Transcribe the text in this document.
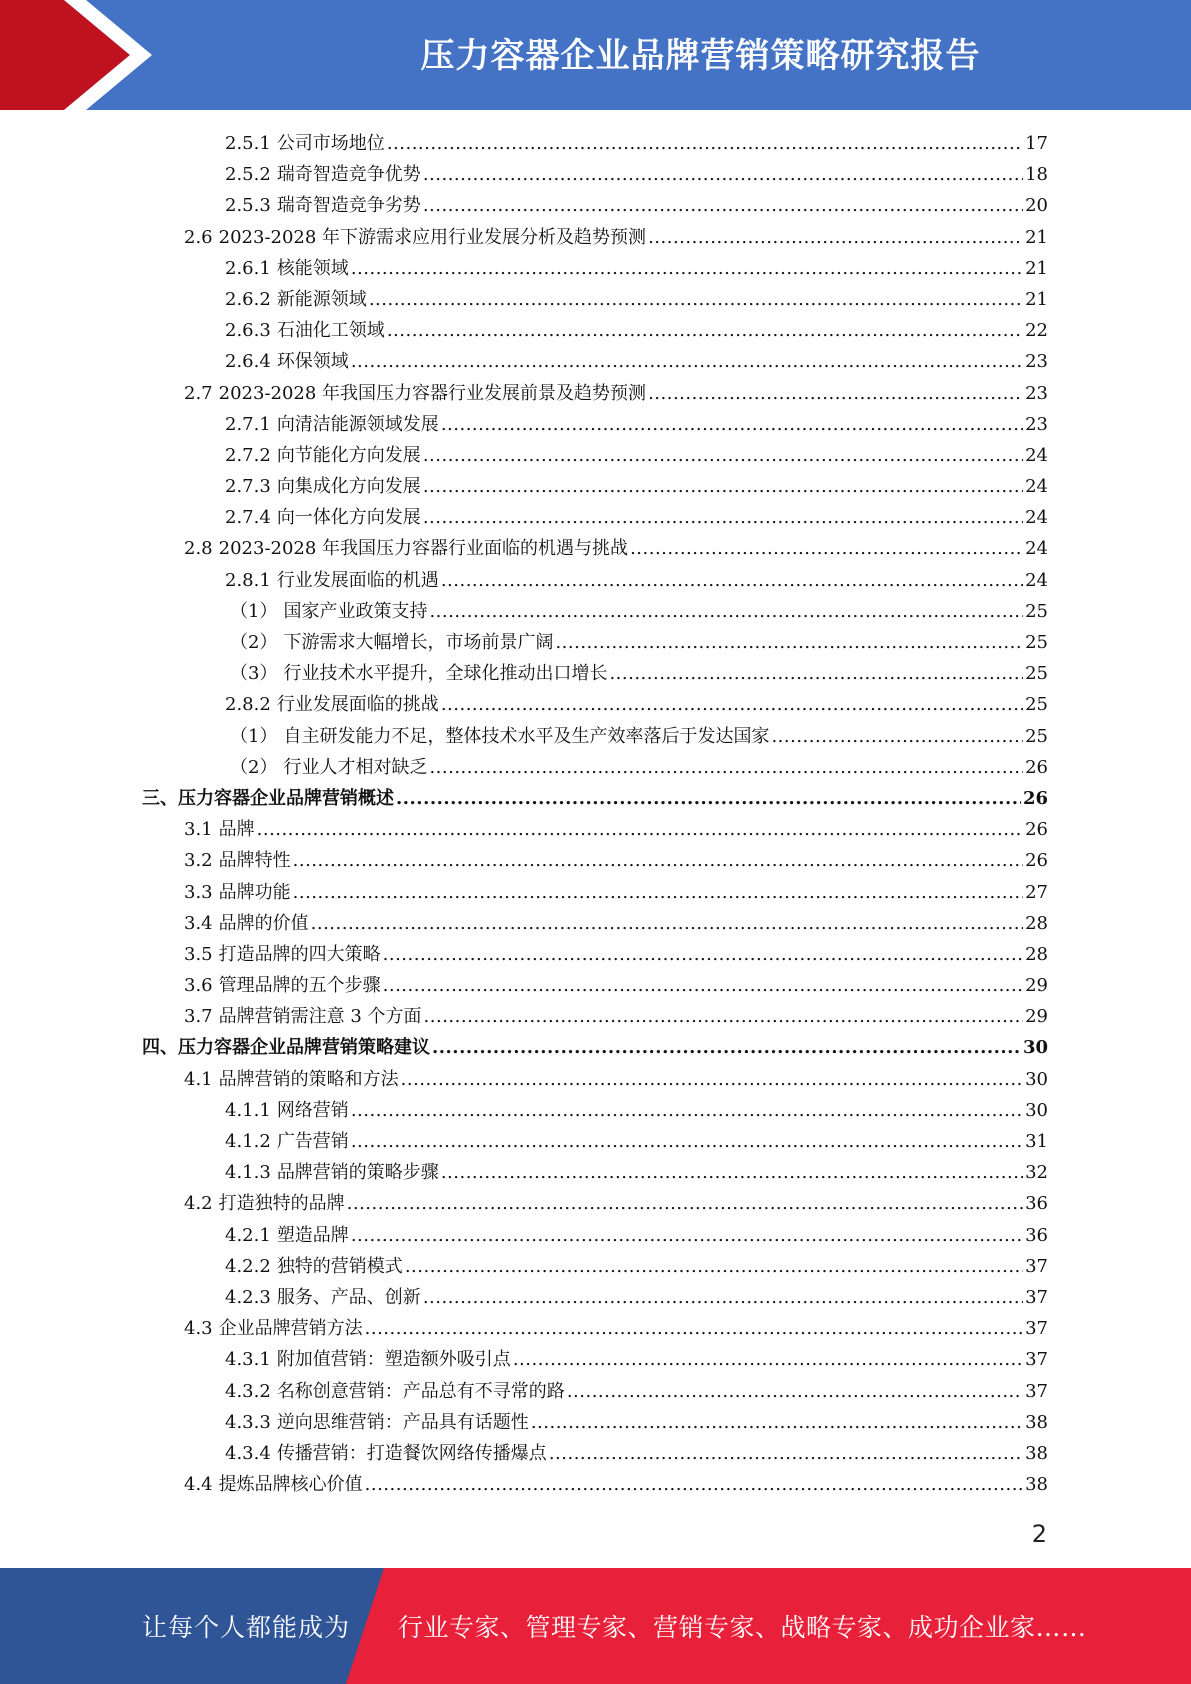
压力容器企业品牌营销策略研究报告
2.5.1 公司市场地位 .....	17
2.5.2 瑞奇智造竞争优势 .....	18
2.5.3 瑞奇智造竞争劣势 .....	20
2.6 2023-2028 年下游需求应用行业发展分析及趋势预测 .....	21
2.6.1 核能领域 .....	21
2.6.2 新能源领域 .....	21
2.6.3 石油化工领域 .....	22
2.6.4 环保领域 .....	23
2.7 2023-2028 年我国压力容器行业发展前景及趋势预测 .....	23
2.7.1 向清洁能源领域发展 .....	23
2.7.2 向节能化方向发展 .....	24
2.7.3 向集成化方向发展 .....	24
2.7.4 向一体化方向发展 .....	24
2.8 2023-2028 年我国压力容器行业面临的机遇与挑战 .....	24
2.8.1 行业发展面临的机遇 .....	24
（1） 国家产业政策支持 .....	25
（2） 下游需求大幅增长，市场前景广阔 .....	25
（3） 行业技术水平提升，全球化推动出口增长 .....	25
2.8.2 行业发展面临的挑战 .....	25
（1） 自主研发能力不足，整体技术水平及生产效率落后于发达国家 .....	25
（2） 行业人才相对缺乏 .....	26
三、 压力容器企业品牌营销概述 .....	26
3.1 品牌 .....	26
3.2 品牌特性 .....	26
3.3 品牌功能 .....	27
3.4 品牌的价值 .....	28
3.5 打造品牌的四大策略 .....	28
3.6 管理品牌的五个步骤 .....	29
3.7 品牌营销需注意 3 个方面 .....	29
四、 压力容器企业品牌营销策略建议 .....	30
4.1 品牌营销的策略和方法 .....	30
4.1.1 网络营销 .....	30
4.1.2 广告营销 .....	31
4.1.3 品牌营销的策略步骤 .....	32
4.2 打造独特的品牌 .....	36
4.2.1 塑造品牌 .....	36
4.2.2 独特的营销模式 .....	37
4.2.3 服务、产品、创新 .....	37
4.3 企业品牌营销方法 .....	37
4.3.1 附加值营销：塑造额外吸引点 .....	37
4.3.2 名称创意营销：产品总有不寻常的路 .....	37
4.3.3 逆向思维营销：产品具有话题性 .....	38
4.3.4 传播营销：打造餐饮网络传播爆点 .....	38
4.4 提炼品牌核心价值 .....	38
2
让每个人都能成为 行业专家、管理专家、营销专家、战略专家、成功企业家……
